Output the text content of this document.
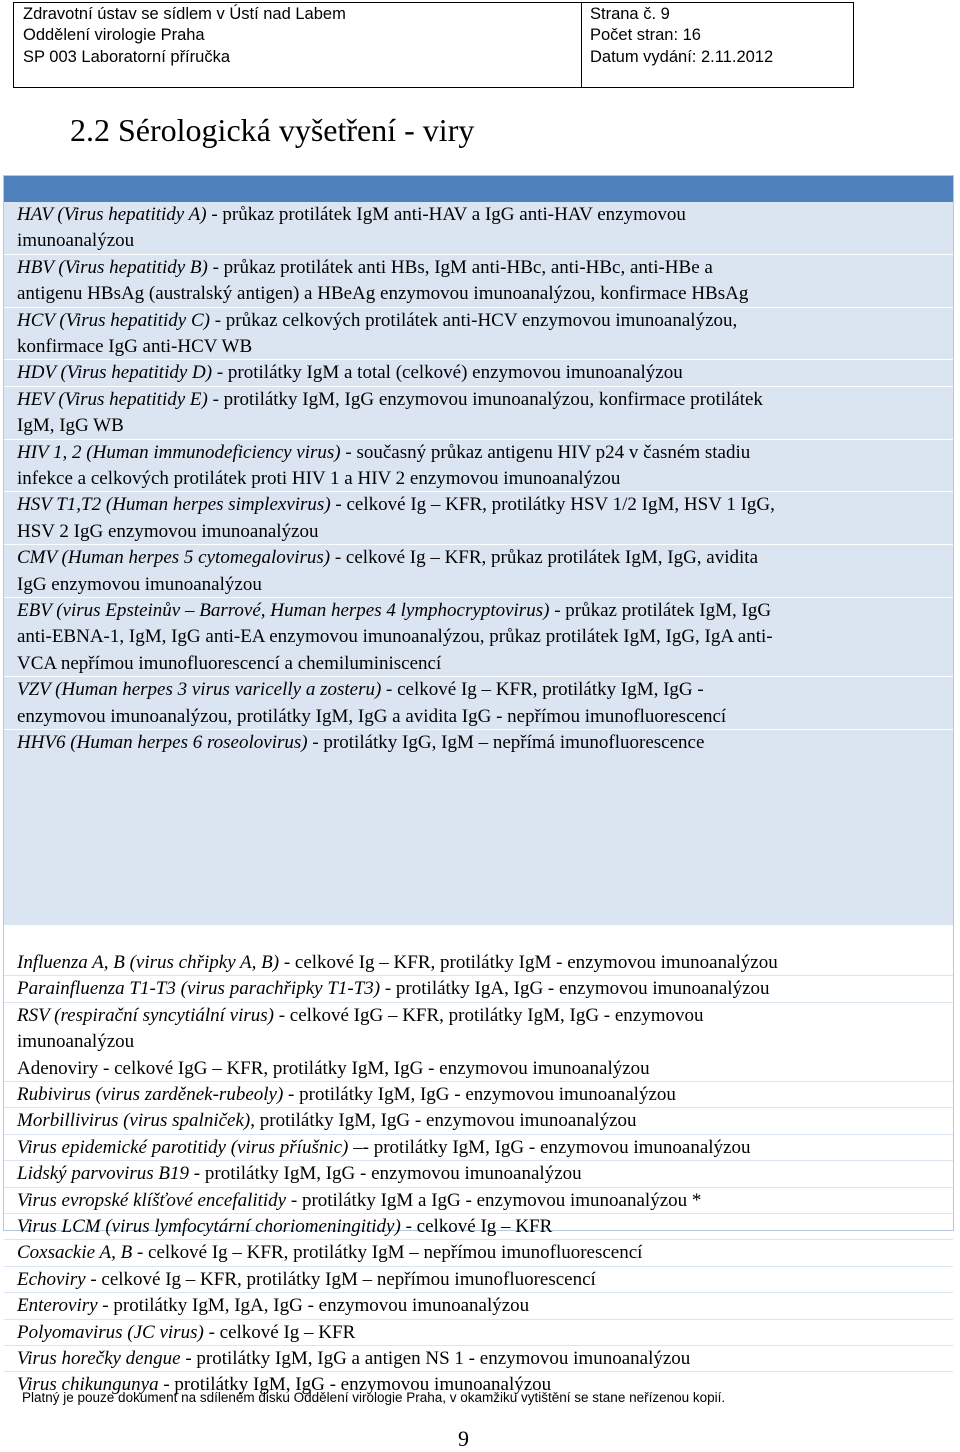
Zdravotní ústav se sídlem v Ústí nad Labem
Oddělení virologie Praha
SP 003 Laboratorní příručka
Strana č. 9
Počet stran: 16
Datum vydání: 2.11.2012
2.2 Sérologická vyšetření - viry
HAV (Virus hepatitidy A) - průkaz protilátek IgM anti-HAV a IgG anti-HAV enzymovou
imunoanalýzou
HBV (Virus hepatitidy B) - průkaz protilátek anti HBs, IgM anti-HBc, anti-HBc, anti-HBe a
antigenu HBsAg (australský antigen) a HBeAg enzymovou imunoanalýzou, konfirmace HBsAg
HCV (Virus hepatitidy C) - průkaz celkových protilátek anti-HCV enzymovou imunoanalýzou,
konfirmace IgG anti-HCV WB
HDV (Virus hepatitidy D) - protilátky IgM a total (celkové) enzymovou imunoanalýzou
HEV (Virus hepatitidy E) - protilátky IgM, IgG enzymovou imunoanalýzou, konfirmace protilátek
IgM, IgG WB
HIV 1, 2 (Human immunodeficiency virus) - současný průkaz antigenu HIV p24 v časném stadiu
infekce a celkových protilátek proti HIV 1 a HIV 2 enzymovou imunoanalýzou
HSV T1,T2 (Human herpes simplexvirus) - celkové Ig – KFR, protilátky HSV 1/2 IgM, HSV 1 IgG,
HSV 2 IgG enzymovou imunoanalýzou
CMV (Human herpes 5 cytomegalovirus) - celkové Ig – KFR, průkaz protilátek IgM, IgG, avidita
IgG enzymovou imunoanalýzou
EBV (virus Epsteinův – Barrové, Human herpes 4 lymphocryptovirus) - průkaz protilátek IgM, IgG
anti-EBNA-1, IgM, IgG anti-EA enzymovou imunoanalýzou, průkaz protilátek IgM, IgG, IgA anti-
VCA nepřímou imunofluorescencí a chemiluminiscencí
VZV (Human herpes 3 virus varicelly a zosteru) - celkové Ig – KFR, protilátky IgM, IgG -
enzymovou imunoanalýzou, protilátky IgM, IgG a avidita IgG - nepřímou imunofluorescencí
HHV6 (Human herpes 6 roseolovirus) - protilátky IgG, IgM – nepřímá imunofluorescence
Influenza A, B (virus chřipky A, B) - celkové Ig – KFR, protilátky IgM - enzymovou imunoanalýzou
Parainfluenza T1-T3 (virus parachřipky T1-T3) - protilátky IgA, IgG - enzymovou imunoanalýzou
RSV (respirační syncytiální virus) - celkové IgG – KFR, protilátky IgM, IgG - enzymovou
imunoanalýzou
Adenoviry - celkové IgG – KFR, protilátky IgM, IgG - enzymovou imunoanalýzou
Rubivirus (virus zarděnek-rubeoly) - protilátky IgM, IgG - enzymovou imunoanalýzou
Morbillivirus (virus spalniček), protilátky IgM, IgG - enzymovou imunoanalýzou
Virus epidemické parotitidy (virus příušnic) –- protilátky IgM, IgG - enzymovou imunoanalýzou
Lidský parvovirus B19 - protilátky IgM, IgG - enzymovou imunoanalýzou
Virus evropské klíšťové encefalitidy - protilátky IgM a IgG - enzymovou imunoanalýzou *
Virus LCM (virus lymfocytární choriomeningitidy) - celkové Ig – KFR
Coxsackie A, B - celkové Ig – KFR, protilátky IgM – nepřímou imunofluorescencí
Echoviry - celkové Ig – KFR, protilátky IgM – nepřímou imunofluorescencí
Enteroviry - protilátky IgM, IgA, IgG - enzymovou imunoanalýzou
Polyomavirus (JC virus) - celkové Ig – KFR
Virus horečky dengue - protilátky IgM, IgG a antigen NS 1 - enzymovou imunoanalýzou
Virus chikungunya - protilátky IgM, IgG - enzymovou imunoanalýzou
Platný je pouze dokument na sdíleném disku Oddělení virologie Praha, v okamžiku vytištění se stane neřízenou kopií.
9
